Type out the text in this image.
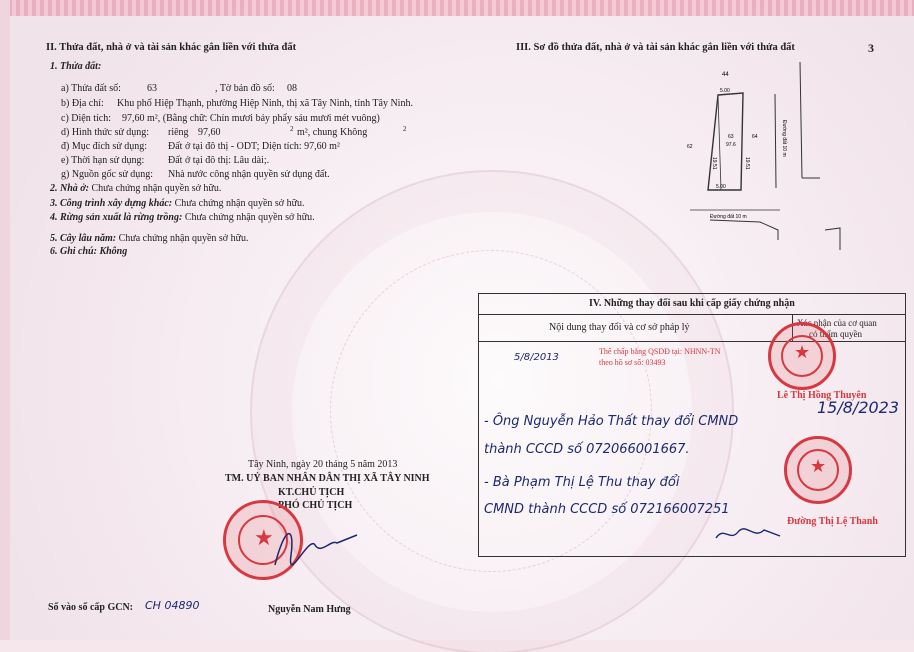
II. Thửa đất, nhà ở và tài sản khác gắn liền với thửa đất
1. Thửa đất:
a) Thửa đất số:	63	, Tờ bản đồ số: 08
b) Địa chỉ: Khu phố Hiệp Thạnh, phường Hiệp Ninh, thị xã Tây Ninh, tỉnh Tây Ninh.
c) Diện tích: 97,60 m², (Bằng chữ: Chín mươi bảy phẩy sáu mươi mét vuông)
d) Hình thức sử dụng: riêng 97,60	2 m², chung Không	2
đ) Mục đích sử dụng: Đất ở tại đô thị - ODT; Diện tích: 97,60 m²
e) Thời hạn sử dụng: Đất ở tại đô thị: Lâu dài;.
g) Nguồn gốc sử dụng: Nhà nước công nhận quyền sử dụng đất.
2. Nhà ở: Chưa chứng nhận quyền sở hữu.
3. Công trình xây dựng khác: Chưa chứng nhận quyền sở hữu.
4. Rừng sản xuất là rừng trồng: Chưa chứng nhận quyền sở hữu.
5. Cây lâu năm: Chưa chứng nhận quyền sở hữu.
6. Ghi chú: Không
III. Sơ đồ thửa đất, nhà ở và tài sản khác gắn liền với thửa đất	3
44
5.00
62
64
63
97.6
19.51	19.51
5.00
Đường đất 10 m
Đường đất 10 m
IV. Những thay đổi sau khi cấp giấy chứng nhận
Nội dung thay đổi và cơ sở pháp lý	Xác nhận của cơ quan
có thẩm quyền
5/8/2013
Thế chấp bằng QSDĐ tại: NHNN-TN
theo hồ sơ số: 03493
- Ông Nguyễn Hảo Thất thay đổi CMND
thành CCCD số 072066001667.
- Bà Phạm Thị Lệ Thu thay đổi
CMND thành CCCD số 072166007251
Lê Thị Hồng Thuyên
15/8/2023
Đường Thị Lệ Thanh
★
★
Tây Ninh, ngày 20 tháng 5 năm 2013
TM. UỶ BAN NHÂN DÂN THỊ XÃ TÂY NINH
KT.CHỦ TỊCH
PHÓ CHỦ TỊCH
★
Nguyễn Nam Hưng
Số vào sổ cấp GCN: CH 04890
